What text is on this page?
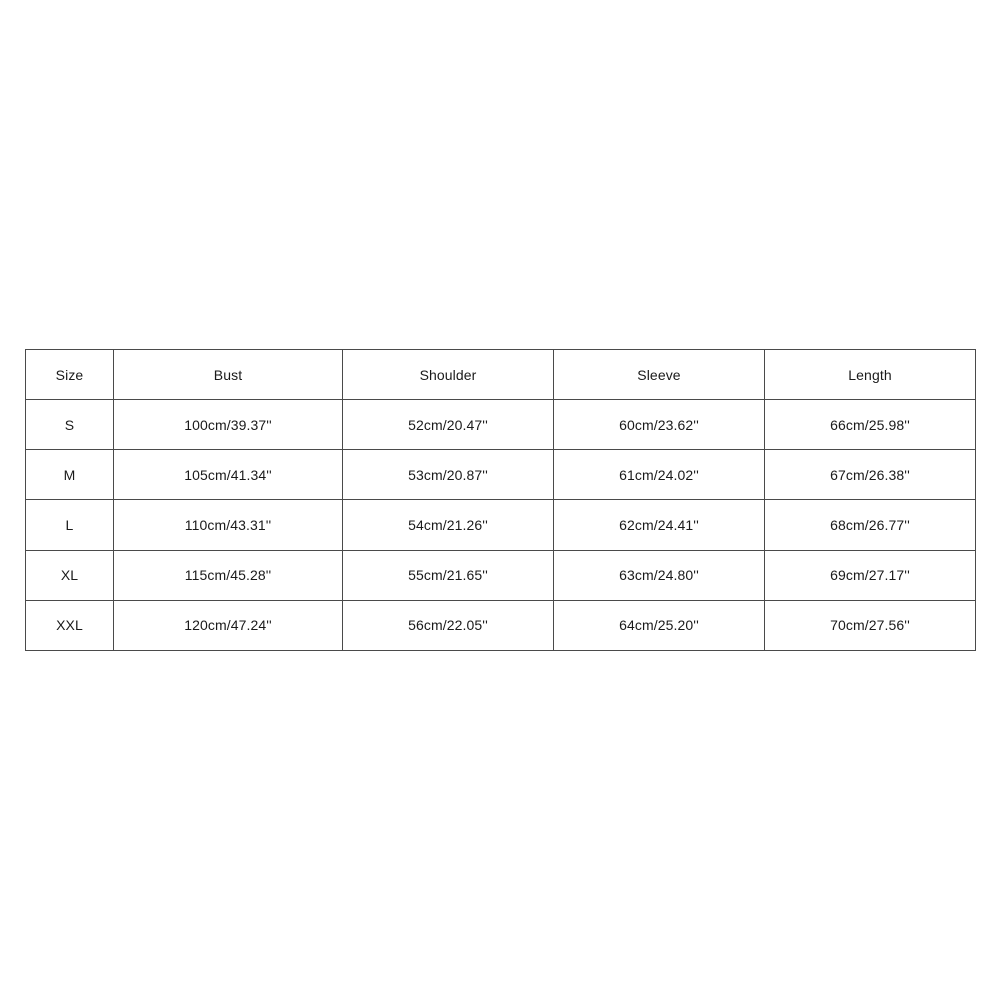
Size	Bust	Shoulder	Sleeve	Length
S	100cm/39.37''	52cm/20.47''	60cm/23.62''	66cm/25.98''
M	105cm/41.34''	53cm/20.87''	61cm/24.02''	67cm/26.38''
L	110cm/43.31''	54cm/21.26''	62cm/24.41''	68cm/26.77''
XL	115cm/45.28''	55cm/21.65''	63cm/24.80''	69cm/27.17''
XXL	120cm/47.24''	56cm/22.05''	64cm/25.20''	70cm/27.56''
